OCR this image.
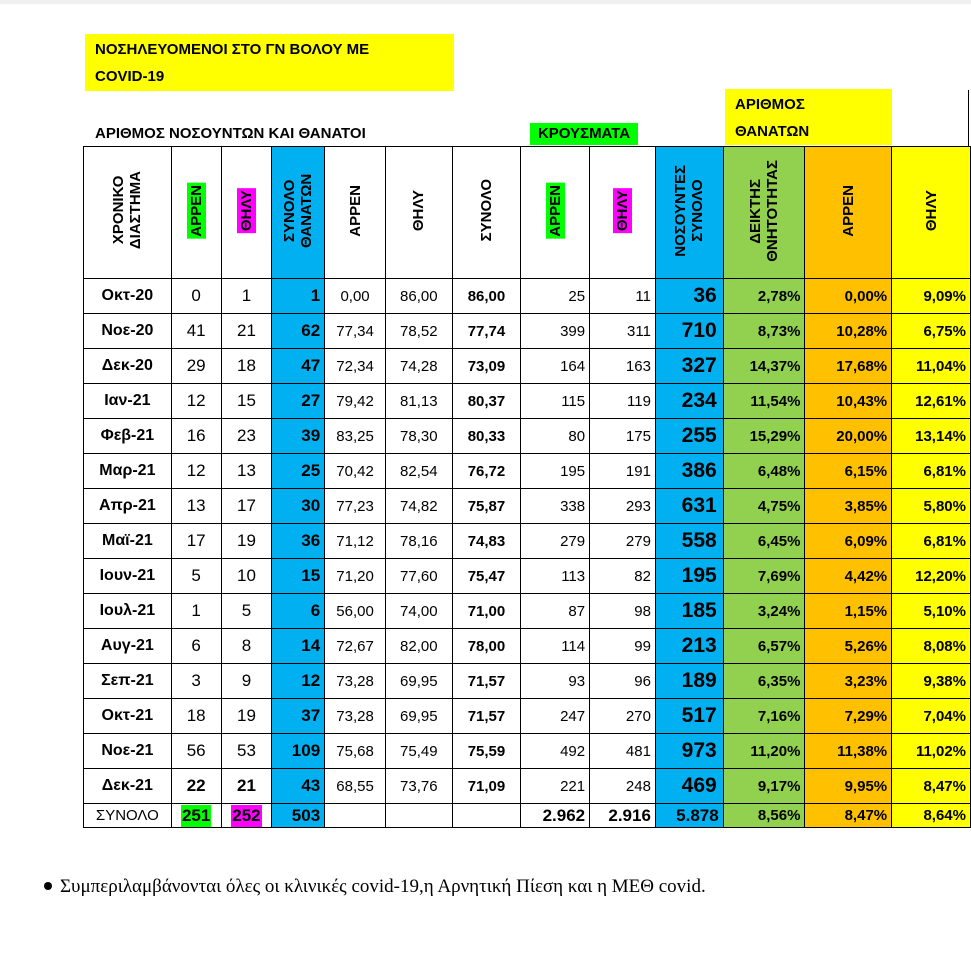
ΝΟΣΗΛΕΥΟΜΕΝΟΙ ΣΤΟ ΓΝ ΒΟΛΟΥ ΜΕ
COVID-19
ΑΡΙΘΜΟΣ
ΘΑΝΑΤΩΝ
ΑΡΙΘΜΟΣ ΝΟΣΟΥΝΤΩΝ ΚΑΙ ΘΑΝΑΤΟΙ	ΚΡΟΥΣΜΑΤΑ
ΧΡΟΝΙΚΟ
ΔΙΑΣΤΗΜΑ	ΑΡΡΕΝ	ΘΗΛΥ	ΣΥΝΟΛΟ
ΘΑΝΑΤΩΝ	ΑΡΡΕΝ	ΘΗΛΥ	ΣΥΝΟΛΟ	ΑΡΡΕΝ	ΘΗΛΥ	ΝΟΣΟΥΝΤΕΣ
ΣΥΝΟΛΟ	ΔΕΙΚΤΗΣ
ΘΝΗΤΟΤΗΤΑΣ	ΑΡΡΕΝ	ΘΗΛΥ
Οκτ-20	0	1	1	0,00	86,00	86,00	25	11	36	2,78%	0,00%	9,09%
Νοε-20	41	21	62	77,34	78,52	77,74	399	311	710	8,73%	10,28%	6,75%
Δεκ-20	29	18	47	72,34	74,28	73,09	164	163	327	14,37%	17,68%	11,04%
Ιαν-21	12	15	27	79,42	81,13	80,37	115	119	234	11,54%	10,43%	12,61%
Φεβ-21	16	23	39	83,25	78,30	80,33	80	175	255	15,29%	20,00%	13,14%
Μαρ-21	12	13	25	70,42	82,54	76,72	195	191	386	6,48%	6,15%	6,81%
Απρ-21	13	17	30	77,23	74,82	75,87	338	293	631	4,75%	3,85%	5,80%
Μαϊ-21	17	19	36	71,12	78,16	74,83	279	279	558	6,45%	6,09%	6,81%
Ιουν-21	5	10	15	71,20	77,60	75,47	113	82	195	7,69%	4,42%	12,20%
Ιουλ-21	1	5	6	56,00	74,00	71,00	87	98	185	3,24%	1,15%	5,10%
Αυγ-21	6	8	14	72,67	82,00	78,00	114	99	213	6,57%	5,26%	8,08%
Σεπ-21	3	9	12	73,28	69,95	71,57	93	96	189	6,35%	3,23%	9,38%
Οκτ-21	18	19	37	73,28	69,95	71,57	247	270	517	7,16%	7,29%	7,04%
Νοε-21	56	53	109	75,68	75,49	75,59	492	481	973	11,20%	11,38%	11,02%
Δεκ-21	22	21	43	68,55	73,76	71,09	221	248	469	9,17%	9,95%	8,47%
ΣΥΝΟΛΟ	251	252	503				2.962	2.916	5.878	8,56%	8,47%	8,64%
Συμπεριλαμβάνονται όλες οι κλινικές covid-19,η Αρνητική Πίεση και η ΜΕΘ covid.
